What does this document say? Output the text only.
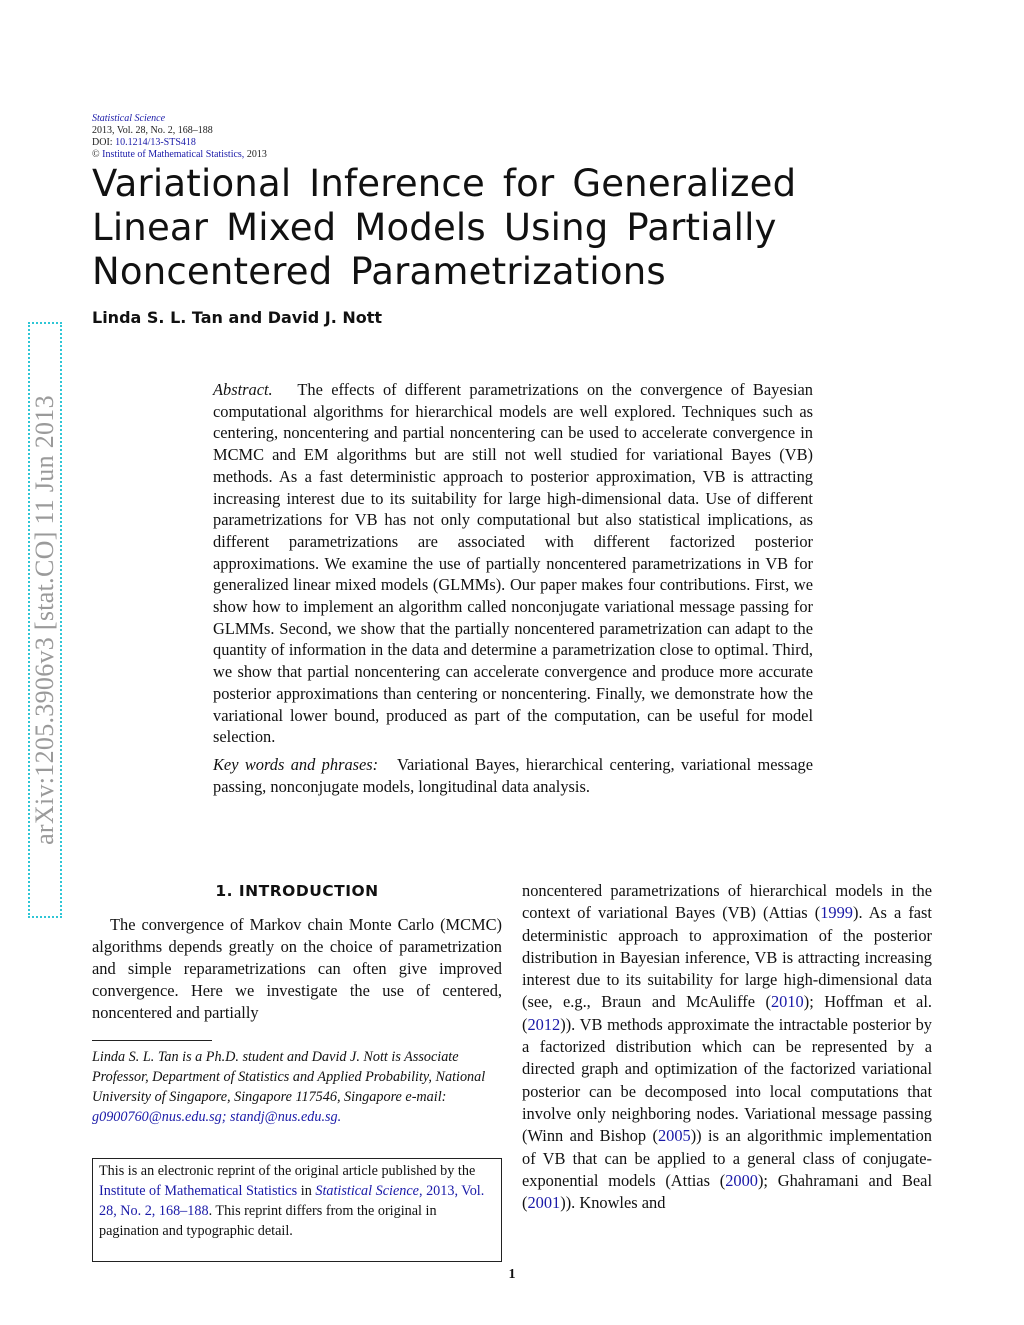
arXiv:1205.3906v3 [stat.CO] 11 Jun 2013
Statistical Science
2013, Vol. 28, No. 2, 168–188
DOI: 10.1214/13-STS418
© Institute of Mathematical Statistics, 2013
Variational Inference for Generalized
Linear Mixed Models Using Partially
Noncentered Parametrizations
Linda S. L. Tan and David J. Nott
Abstract. The effects of different parametrizations on the convergence of Bayesian computational algorithms for hierarchical models are well explored. Techniques such as centering, noncentering and partial noncentering can be used to accelerate convergence in MCMC and EM algorithms but are still not well studied for variational Bayes (VB) methods. As a fast deterministic approach to posterior approximation, VB is attracting increasing interest due to its suitability for large high-dimensional data. Use of different parametrizations for VB has not only computational but also statistical implications, as different parametrizations are associated with different factorized posterior approximations. We examine the use of partially noncentered parametrizations in VB for generalized linear mixed models (GLMMs). Our paper makes four contributions. First, we show how to implement an algorithm called nonconjugate variational message passing for GLMMs. Second, we show that the partially noncentered parametrization can adapt to the quantity of information in the data and determine a parametrization close to optimal. Third, we show that partial noncentering can accelerate convergence and produce more accurate posterior approximations than centering or noncentering. Finally, we demonstrate how the variational lower bound, produced as part of the computation, can be useful for model selection.
Key words and phrases: Variational Bayes, hierarchical centering, variational message passing, nonconjugate models, longitudinal data analysis.
1. INTRODUCTION

The convergence of Markov chain Monte Carlo (MCMC) algorithms depends greatly on the choice of parametrization and simple reparametrizations can often give improved convergence. Here we investigate the use of centered, noncentered and partially

Linda S. L. Tan is a Ph.D. student and David J. Nott is Associate Professor, Department of Statistics and Applied Probability, National University of Singapore, Singapore 117546, Singapore e-mail: g0900760@nus.edu.sg; standj@nus.edu.sg.
This is an electronic reprint of the original article published by the Institute of Mathematical Statistics in Statistical Science, 2013, Vol. 28, No. 2, 168–188. This reprint differs from the original in pagination and typographic detail.

noncentered parametrizations of hierarchical models in the context of variational Bayes (VB) (Attias (1999). As a fast deterministic approach to approximation of the posterior distribution in Bayesian inference, VB is attracting increasing interest due to its suitability for large high-dimensional data (see, e.g., Braun and McAuliffe (2010); Hoffman et al. (2012)). VB methods approximate the intractable posterior by a factorized distribution which can be represented by a directed graph and optimization of the factorized variational posterior can be decomposed into local computations that involve only neighboring nodes. Variational message passing (Winn and Bishop (2005)) is an algorithmic implementation of VB that can be applied to a general class of conjugate-exponential models (Attias (2000); Ghahramani and Beal (2001)). Knowles and

1
